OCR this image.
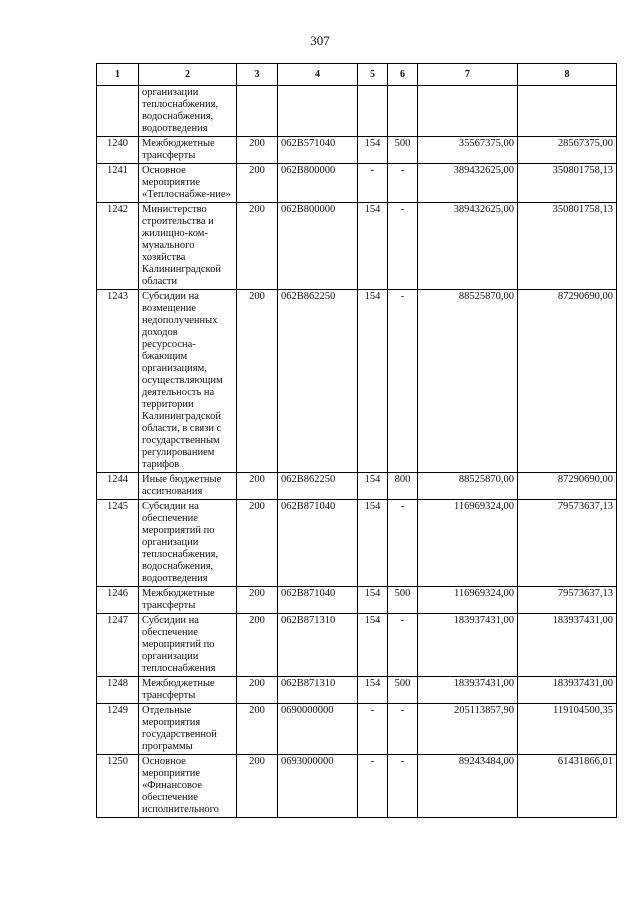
307
1	2	3	4	5	6	7	8
	организации теплоснабжения, водоснабжения, водоотведения						
1240	Межбюджетные трансферты	200	062B571040	154	500	35567375,00	28567375,00
1241	Основное мероприятие «Теплоснабже-ние»	200	062B800000	-	-	389432625,00	350801758,13
1242	Министерство строительства и жилищно-ком-мунального хозяйства Калининградской области	200	062B800000	154	-	389432625,00	350801758,13
1243	Субсидии на возмещение недополученных доходов ресурсосна-бжающим организациям, осуществляющим деятельность на территории Калининградской области, в связи с государственным регулированием тарифов	200	062B862250	154	-	88525870,00	87290690,00
1244	Иные бюджетные ассигнования	200	062B862250	154	800	88525870,00	87290690,00
1245	Субсидии на обеспечение мероприятий по организации теплоснабжения, водоснабжения, водоотведения	200	062B871040	154	-	116969324,00	79573637,13
1246	Межбюджетные трансферты	200	062B871040	154	500	116969324,00	79573637,13
1247	Субсидии на обеспечение мероприятий по организации теплоснабжения	200	062B871310	154	-	183937431,00	183937431,00
1248	Межбюджетные трансферты	200	062B871310	154	500	183937431,00	183937431,00
1249	Отдельные мероприятия государственной программы	200	0690000000	-	-	205113857,90	119104500,35
1250	Основное мероприятие «Финансовое обеспечение исполнительного	200	0693000000	-	-	89243484,00	61431866,01
